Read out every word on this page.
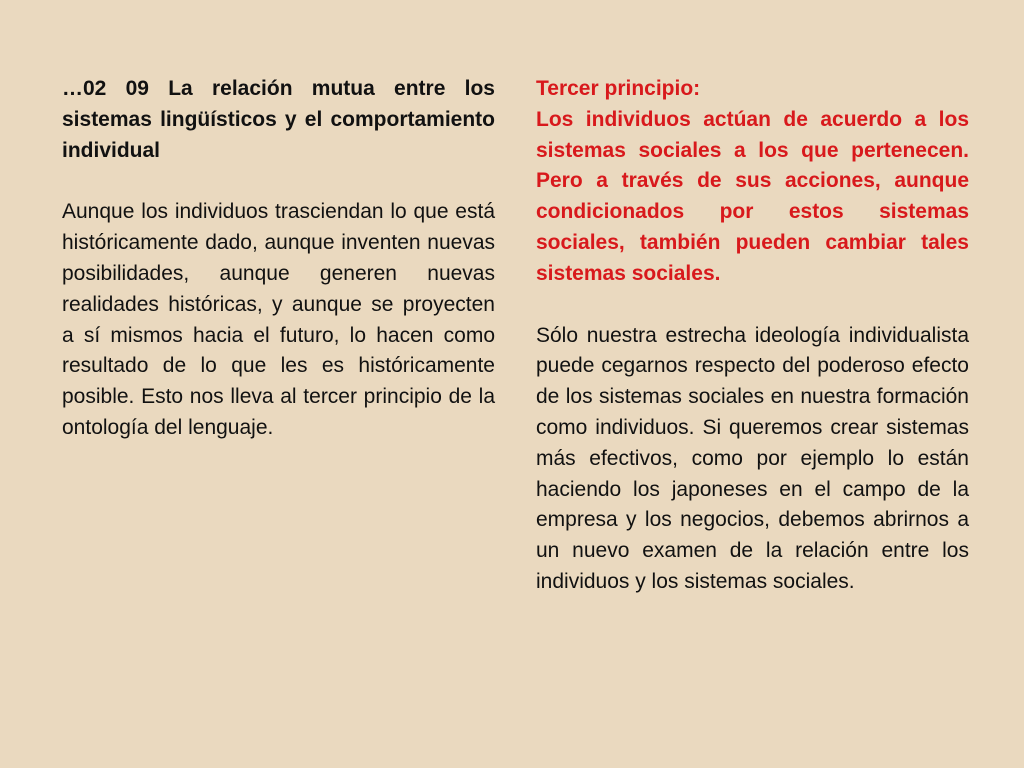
…02 09 La relación mutua entre los sistemas lingüísticos y el comportamiento individual

Aunque los individuos trasciendan lo que está históricamente dado, aunque inventen nuevas posibilidades, aunque generen nuevas realidades históricas, y aunque se proyecten a sí mismos hacia el futuro, lo hacen como resultado de lo que les es históricamente posible. Esto nos lleva al tercer principio de la ontología del lenguaje.

Tercer principio:
Los individuos actúan de acuerdo a los sistemas sociales a los que pertenecen. Pero a través de sus acciones, aunque condicionados por estos sistemas sociales, también pueden cambiar tales sistemas sociales.

Sólo nuestra estrecha ideología individualista puede cegarnos respecto del poderoso efecto de los sistemas sociales en nuestra formación como individuos. Si queremos crear sistemas más efectivos, como por ejemplo lo están haciendo los japoneses en el campo de la empresa y los negocios, debemos abrirnos a un nuevo examen de la relación entre los individuos y los sistemas sociales.
